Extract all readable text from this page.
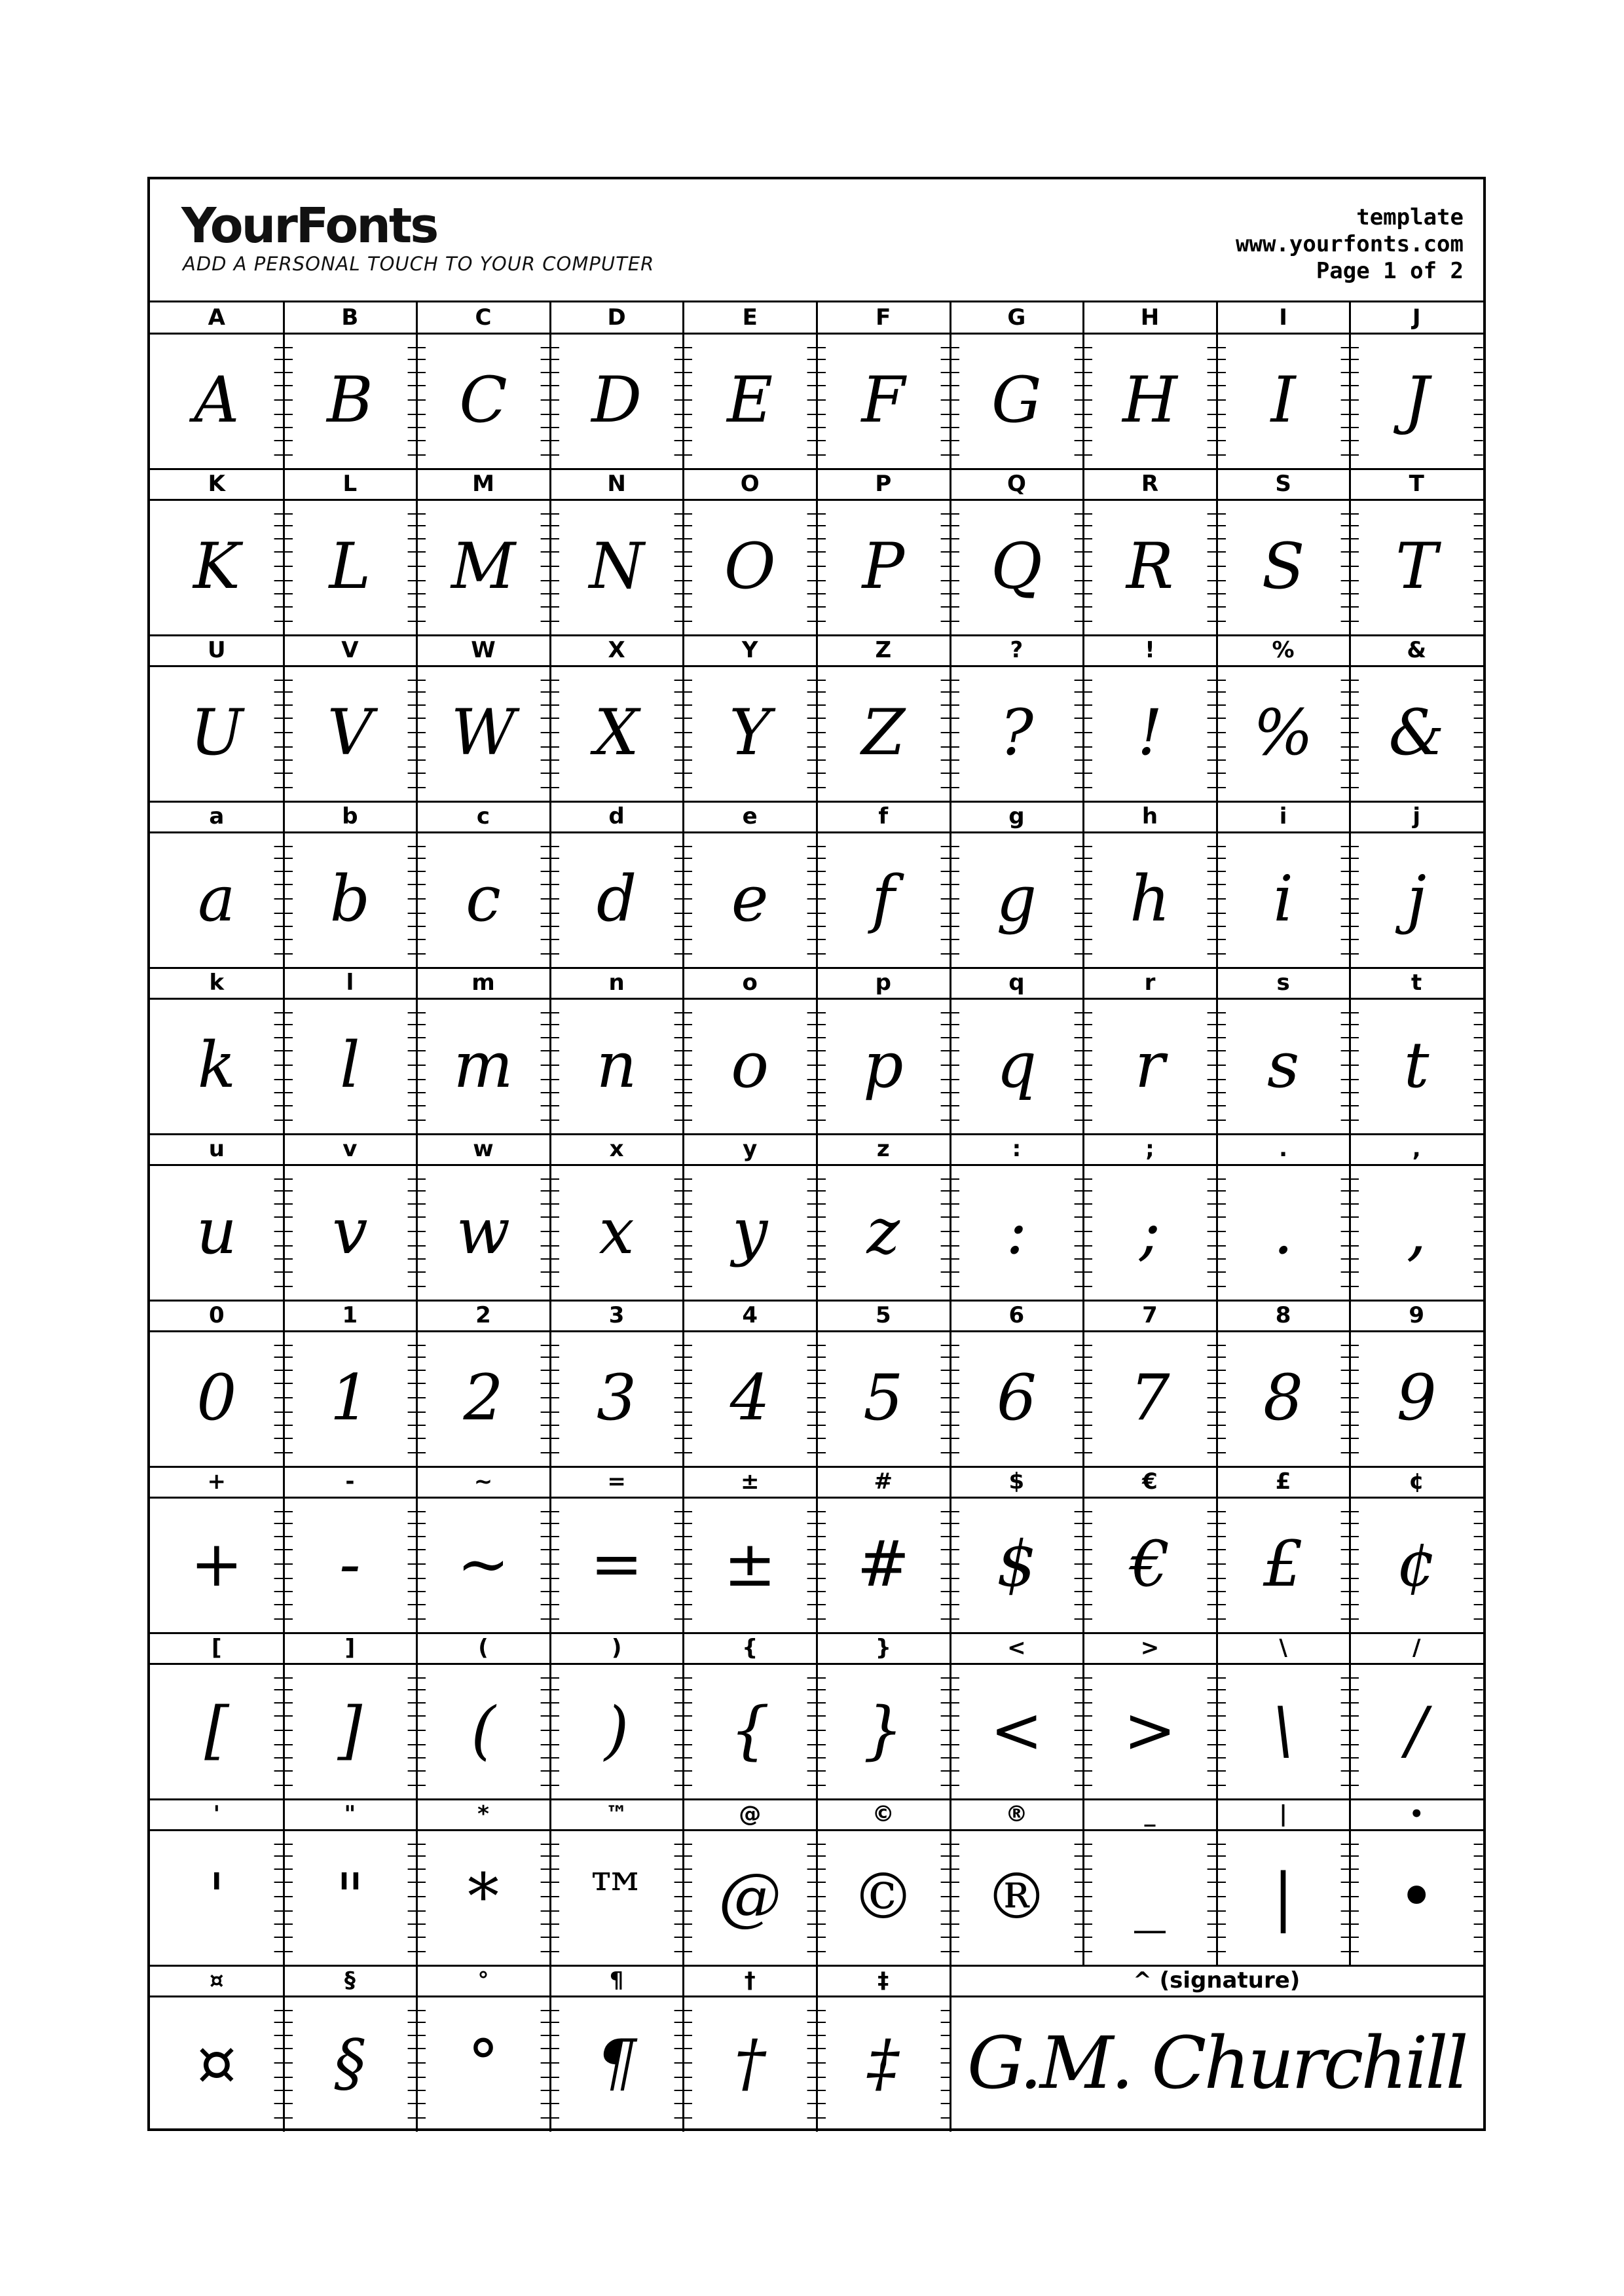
YourFonts
ADD A PERSONAL TOUCH TO YOUR COMPUTER
template
www.yourfonts.com
Page 1 of 2
A
A
B
B
C
C
D
D
E
E
F
F
G
G
H
H
I
I
J
J
K
K
L
L
M
M
N
N
O
O
P
P
Q
Q
R
R
S
S
T
T
U
U
V
V
W
W
X
X
Y
Y
Z
Z
?
?
!
!
%
%
&
&
a
a
b
b
c
c
d
d
e
e
f
f
g
g
h
h
i
i
j
j
k
k
l
l
m
m
n
n
o
o
p
p
q
q
r
r
s
s
t
t
u
u
v
v
w
w
x
x
y
y
z
z
:
:
;
;
.
.
,
,
0
0
1
1
2
2
3
3
4
4
5
5
6
6
7
7
8
8
9
9
+
+
-
-
~
~
=
=
±
±
#
#
$
$
€
€
£
£
¢
¢
[
[
]
]
(
(
)
)
{
{
}
}
<
<
>
>
\
\
/
/
'
'
"
"
*
*
™
™
@
@
©
©
®
®
_
_
|
|
•
•
¤
¤
§
§
°
°
¶
¶
†
†
‡
‡
^ (signature)
G.M. Churchill
